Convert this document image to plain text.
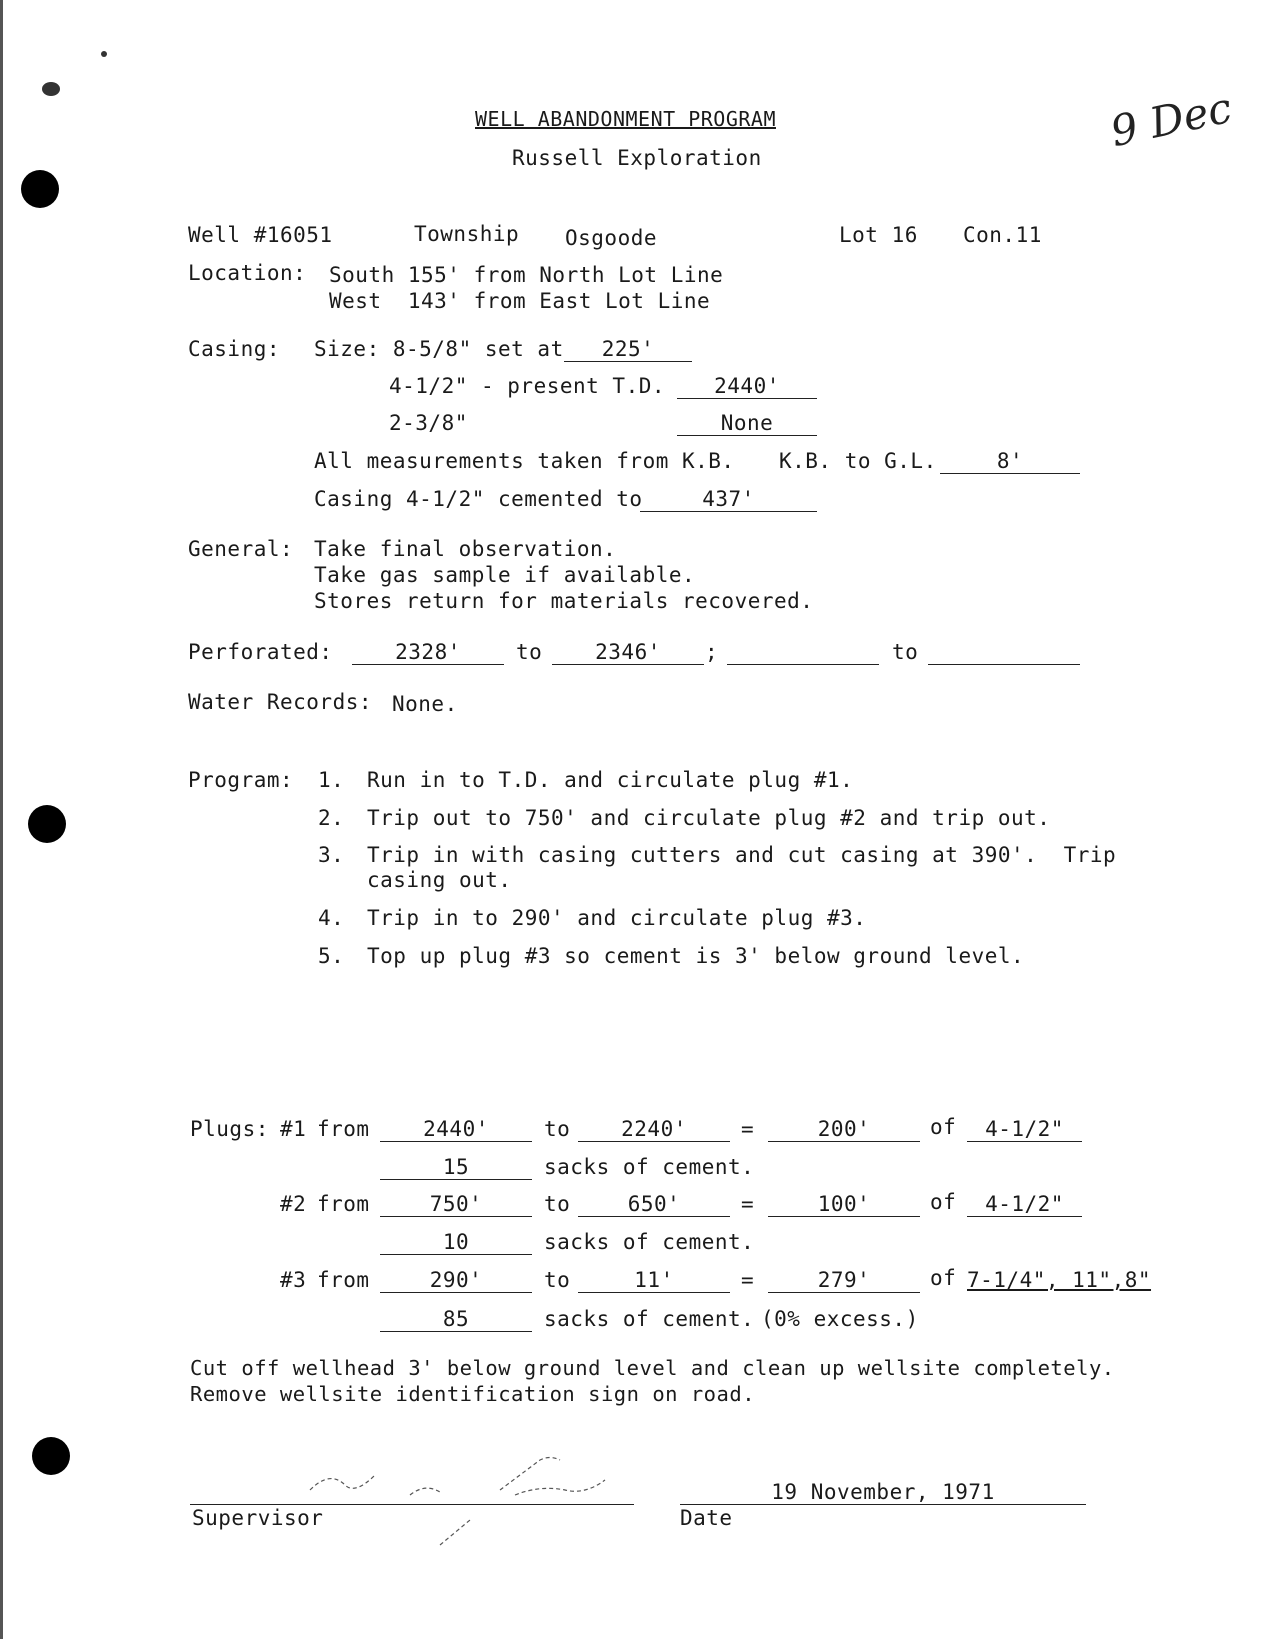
WELL ABANDONMENT PROGRAM
Russell Exploration
9 Dec
Well #16051	Township Osgoode	Lot 16 Con.11
Location: South 155' from North Lot Line
West  143' from East Lot Line
Casing: Size: 8-5/8" set at	225'
4-1/2" - present T.D.	2440'
2-3/8"	None
All measurements taken from K.B. K.B. to G.L.	8'
Casing 4-1/2" cemented to	437'
General: Take final observation.
Take gas sample if available.
Stores return for materials recovered.
Perforated:	2328'	to	2346'	;	to
Water Records: None.
Program: 1. Run in to T.D. and circulate plug #1.
2. Trip out to 750' and circulate plug #2 and trip out.
3. Trip in with casing cutters and cut casing at 390'.  Trip
casing out.
4. Trip in to 290' and circulate plug #3.
5. Top up plug #3 so cement is 3' below ground level.
Plugs: #1 from	2440'	to	2240'	=	200'	of	4-1/2"
15	sacks of cement.
#2 from	750'	to	650'	=	100'	of	4-1/2"
10	sacks of cement.
#3 from	290'	to	11'	=	279'	of 7-1/4", 11",8"
85	sacks of cement. (0% excess.)
Cut off wellhead 3' below ground level and clean up wellsite completely.
Remove wellsite identification sign on road.
Supervisor
19 November, 1971
Date
